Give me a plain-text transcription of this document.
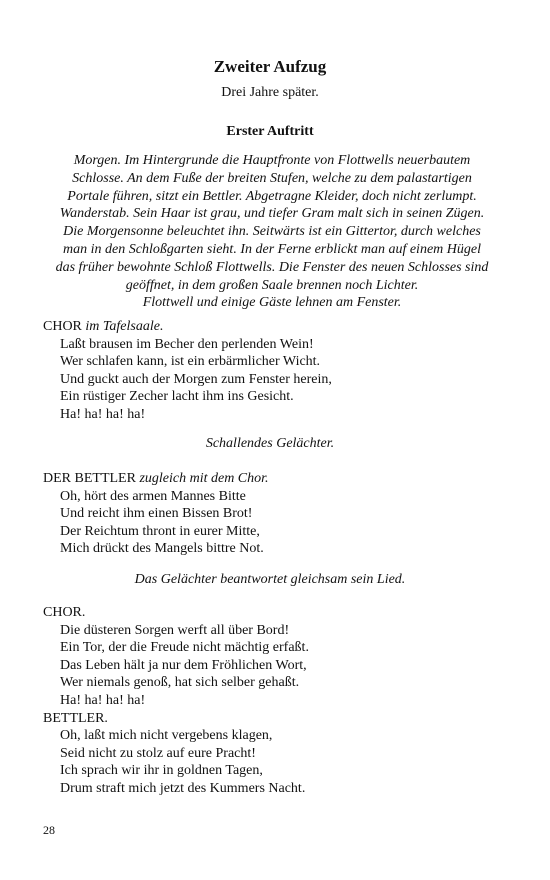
Zweiter Aufzug
Drei Jahre später.
Erster Auftritt
Morgen. Im Hintergrunde die Hauptfronte von Flottwells neuerbautem
Schlosse. An dem Fuße der breiten Stufen, welche zu dem palastartigen
Portale führen, sitzt ein Bettler. Abgetragne Kleider, doch nicht zerlumpt.
Wanderstab. Sein Haar ist grau, und tiefer Gram malt sich in seinen Zügen.
Die Morgensonne beleuchtet ihn. Seitwärts ist ein Gittertor, durch welches
man in den Schloßgarten sieht. In der Ferne erblickt man auf einem Hügel
das früher bewohnte Schloß Flottwells. Die Fenster des neuen Schlosses sind
geöffnet, in dem großen Saale brennen noch Lichter.
Flottwell und einige Gäste lehnen am Fenster.
CHOR im Tafelsaale.
Laßt brausen im Becher den perlenden Wein!
Wer schlafen kann, ist ein erbärmlicher Wicht.
Und guckt auch der Morgen zum Fenster herein,
Ein rüstiger Zecher lacht ihm ins Gesicht.
Ha! ha! ha! ha!
Schallendes Gelächter.
DER BETTLER zugleich mit dem Chor.
Oh, hört des armen Mannes Bitte
Und reicht ihm einen Bissen Brot!
Der Reichtum thront in eurer Mitte,
Mich drückt des Mangels bittre Not.
Das Gelächter beantwortet gleichsam sein Lied.
CHOR.
Die düsteren Sorgen werft all über Bord!
Ein Tor, der die Freude nicht mächtig erfaßt.
Das Leben hält ja nur dem Fröhlichen Wort,
Wer niemals genoß, hat sich selber gehaßt.
Ha! ha! ha! ha!
BETTLER.
Oh, laßt mich nicht vergebens klagen,
Seid nicht zu stolz auf eure Pracht!
Ich sprach wir ihr in goldnen Tagen,
Drum straft mich jetzt des Kummers Nacht.
28
